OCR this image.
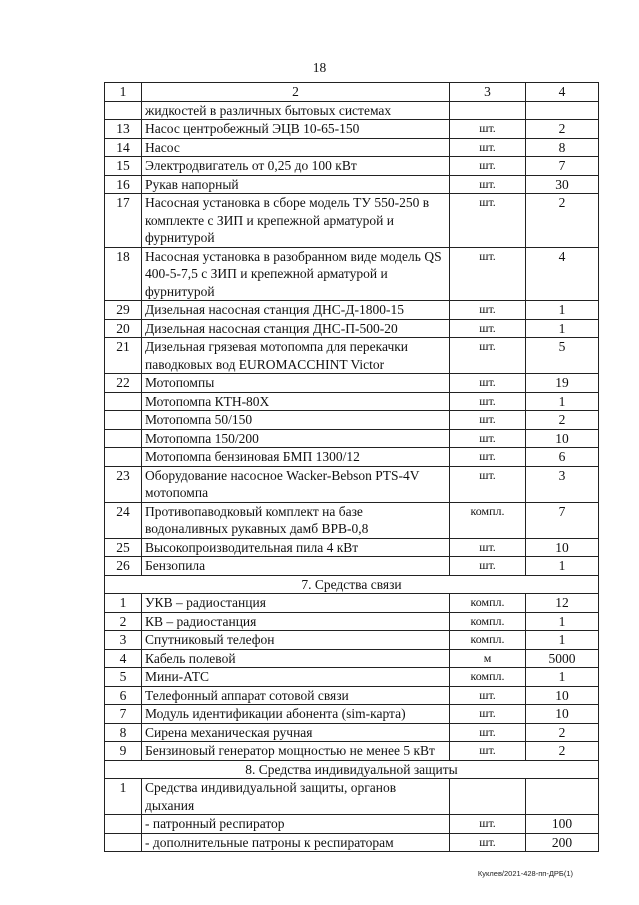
18
1	2	3	4
	жидкостей в различных бытовых системах		
13	Насос центробежный ЭЦВ 10-65-150	шт.	2
14	Насос	шт.	8
15	Электродвигатель от 0,25 до 100 кВт	шт.	7
16	Рукав напорный	шт.	30
17	Насосная установка в сборе модель ТУ 550-250 в комплекте с ЗИП и крепежной арматурой и фурнитурой	шт.	2
18	Насосная установка в разобранном виде модель QS 400-5-7,5 с ЗИП и крепежной арматурой и фурнитурой	шт.	4
29	Дизельная насосная станция ДНС-Д-1800-15	шт.	1
20	Дизельная насосная станция ДНС-П-500-20	шт.	1
21	Дизельная грязевая мотопомпа для перекачки паводковых вод EUROMACCHINT Victor	шт.	5
22	Мотопомпы	шт.	19
	Мотопомпа КТН-80Х	шт.	1
	Мотопомпа 50/150	шт.	2
	Мотопомпа 150/200	шт.	10
	Мотопомпа бензиновая БМП 1300/12	шт.	6
23	Оборудование насосное Wacker-Bebson PTS-4V мотопомпа	шт.	3
24	Противопаводковый комплект на базе водоналивных рукавных дамб ВРВ-0,8	компл.	7
25	Высокопроизводительная пила 4 кВт	шт.	10
26	Бензопила	шт.	1
7. Средства связи			
1	УКВ – радиостанция	компл.	12
2	КВ – радиостанция	компл.	1
3	Спутниковый телефон	компл.	1
4	Кабель полевой	м	5000
5	Мини-АТС	компл.	1
6	Телефонный аппарат сотовой связи	шт.	10
7	Модуль идентификации абонента (sim-карта)	шт.	10
8	Сирена механическая ручная	шт.	2
9	Бензиновый генератор мощностью не менее 5 кВт	шт.	2
8. Средства индивидуальной защиты			
1	Средства индивидуальной защиты, органов дыхания		
	- патронный респиратор	шт.	100
	- дополнительные патроны к респираторам	шт.	200
Куклев/2021-428-пп-ДРБ(1)
